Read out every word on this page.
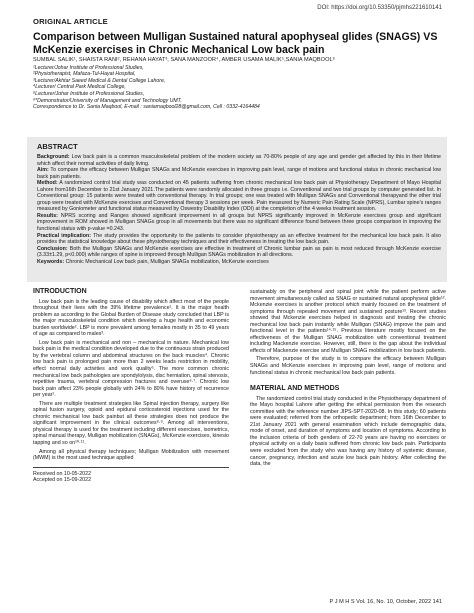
DOI: https://doi.org/10.53350/pjmhs221610141
ORIGINAL ARTICLE
Comparison between Mulligan Sustained natural apophyseal glides (SNAGS) VS McKenzie exercises in Chronic Mechanical Low back pain
SUMBAL SALIK¹, SHAISTA RANI², REHANA HAYAT³, SANA MANZOOR⁴, AMBER USAMA MALIK⁵,SANIA MAQBOOL⁶
¹Lecturer/Johar Institute of Professional Studies,
²Physiotherapist, Mafaza-Tul-Hayat Hospital,
³Lecturer/Akhtar Saeed Medical & Dental College Lahore,
⁴Lecturer/ Central Park Medical College,
⁵Lecturer/Johar Institute of Professional Studies,
⁶*Demonstrator/University of Management and Technology UMT.
Correspondence to Dr. Sania Maqbool, E-mail : saniamaqbool28@gmail.com, Cell : 0332-4164484
ABSTRACT
Background: Low back pain is a common musculoskeletal problem of the modern society as 70-80% people of any age and gender get affected by this in their lifetime which affect their normal activities of daily living.
Aim: To compare the efficacy between Mulligan SNAGs and McKenzie exercises in improving pain level, range of motions and functional status in chronic mechanical low back pain patients.
Method: A randomized control trial study was conducted on 45 patients suffering from chronic mechanical low back pain at Physiotherapy Department of Mayo Hospital Lahore from16th December to 21st January 2021.The patients were randomly allocated in three groups i.e. Conventional and two trial groups by computer generated list. In Conventional group: 15 patients were treated with conventional therapy. In trial groups; one was treated with Mulligan SNAGs and Conventional therapyand the other trial group were treated with McKenzie exercises and Conventional therapy 3 sessions per week. Pain measured by Numeric Pain Rating Scale (NPRS), Lumbar spine's ranges measured by Goniometer and functional status measured by Oswestry Disability Index (ODI) at the completion of the 4 weeks treatment session.
Results: NPRS scoring and Ranges showed significant improvement in all groups but NPRS significantly improved in McKenzie exercises group and significant improvement in ROM showed in Mulligan SNAGs group in all movements but there was no significant difference found between three groups comparison in improving the functional status with p-value =0.243.
Practical implication: The study provides the opportunity to the patients to consider physiotherapy as an effective treatment for the mechanical low back pain. It also provides the statistical knowledge about these physiotherapy techniques and their effectiveness in treating the low back pain.
Conclusion: Both the Mulligan SNAGs and McKenzie exercises are effective in treatment of Chronic lumbar pain as pain is most reduced through McKenzie exercise (3.33±1.29, p<0.000) while ranges of spine is improved through Mulligan SNAGs mobilization in all directions.
Keywords: Chronic Mechanical Low back pain, Mulligan SNAGs mobilization, McKenzie exercises
INTRODUCTION

Low back pain is the leading cause of disability which affect most of the people throughout their lives with the 39% lifetime prevalence¹. It is the major health problem as according to the Global Burden of Disease study concluded that LBP is the major musculoskeletal condition which develop a huge health and economic burden worldwide². LBP is more prevalent among females mostly in 35 to 49 years of age as compared to males³.

Low back pain is mechanical and non – mechanical in nature. Mechanical low back pain is the medical condition developed due to the continuous strain produced by the vertebral column and abdominal structures on the back muscles⁴. Chronic low back pain is prolonged pain more than 2 weeks leads restriction in mobility, effect normal daily activities and work quality⁵. The more common chronic mechanical low back pathologies are spondylolysis, disc herniation, spinal stenosis, repetitive trauma, vertebral compression fractures and overuse⁶·⁷. Chronic low back pain affect 23% people globally with 24% to 80% have history of recurrence per year¹.

There are multiple treatment strategies like Spinal injection therapy, surgery like spinal fusion surgery, opioid and epidural corticosteroid injections used for the chronic mechanical low back painbut all these strategies does not produce the significant improvement in the clinical outcomes⁸·⁹. Among all interventions, physical therapy is used for the treatment including different exercises, isometrics, spinal manual therapy, Mulligan mobilization (SNAGs), McKenzie exercises, kinesio tapping and so on¹⁰·¹¹.

Among all physical therapy techniques; Mulligan Mobilization with movement (MWM) is the most used technique applied

Received on 10-05-2022
Accepted on 15-09-2022

sustainably on the peripheral and spinal joint while the patient perform active movement simultaneously called as SNAG or sustained natural apophyseal glide¹². Mckenzie exercises is another protocol which mainly focused on the treatment of symptoms through repeated movement and sustained posture¹³. Recent studies showed that Mckenzie exercises helped in diagnosis and treating the chronic mechanical low back pain instantly while Mulligan (SNAG) improve the pain and functional level in the patients¹⁴·¹⁵. Previous literature mostly focused on the effectiveness of the Mulligan SNAG mobilization with conventional treatment including Mackenzie exercise. However, still, there is the gap about the individual effects of Mackenzie exercise and Mulligan SNAG mobilization in low back patients.

Therefore, purpose of the study is to compare the efficacy between Mulligan SNAGs and McKenzie exercises in improving pain level, range of motions and functional status in chronic mechanical low back pain patients.

MATERIAL AND METHODS

The randomized control trial study conducted in the Physiotherapy department of the Mayo hospital Lahore after getting the ethical permission from the research committee with the reference number JIPS-SPT-2020-08. In this study; 60 patients were evaluated; referred from the orthopedic department; from 16th December to 21st January 2021 with general examination which include demographic data, mode of onset, and duration of symptoms and location of symptoms. According to the inclusion criteria of both genders of 22-70 years are having no exercises or physical activity on a daily basis suffered from chronic low back pain. Participants were excluded from the study who was having any history of systemic disease, cancer, pregnancy, infection and acute low back pain history. After collecting the data, the

P J M H S Vol. 16, No. 10, October, 2022 141
